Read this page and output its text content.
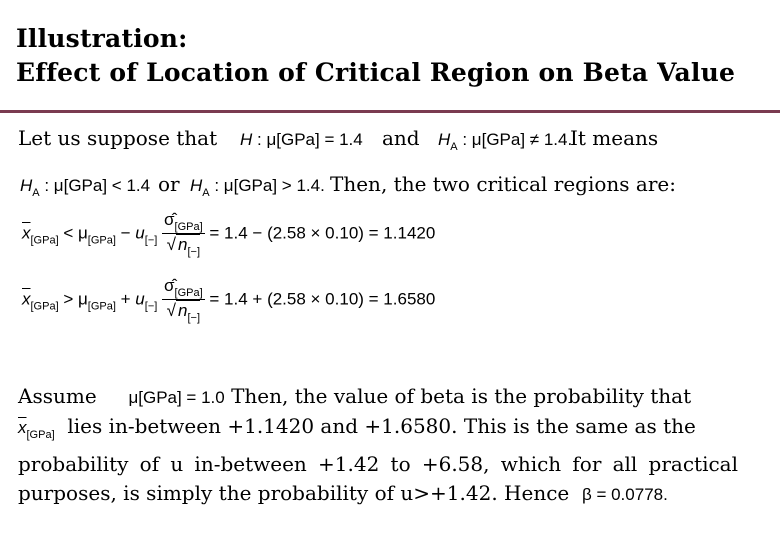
Illustration:
Effect of Location of Critical Region on Beta Value
Let us suppose that H : μ[GPa] = 1.4 and $H_A$ : μ[GPa] ≠ 1.4.
It means
$H_A$ : μ[GPa] < 1.4 or $H_A$ : μ[GPa] > 1.4. Then, the two critical regions are:
$\overline{x}_{[GPa]} < \mu_{[GPa]} - u_{[-]} \frac{\sigmâ_{[GPa]}}{√ n_{[-]}} = 1.4 - (2.58 \times 0.10) = 1.1420$
$\overline{x}_{[GPa]} > \mu_{[GPa]} + u_{[-]} \frac{\sigmâ_{[GPa]}}{√ n_{[-]}} = 1.4 + (2.58 \times 0.10) = 1.6580$
Assume μ[GPa] = 1.0 Then, the value of beta is the probability that
$\overline{x}_{[GPa]}$ lies in-between +1.1420 and +1.6580. This is the same as the
probability of u in-between +1.42 to +6.58, which for all practical
purposes, is simply the probability of u>+1.42. Hence β = 0.0778.
